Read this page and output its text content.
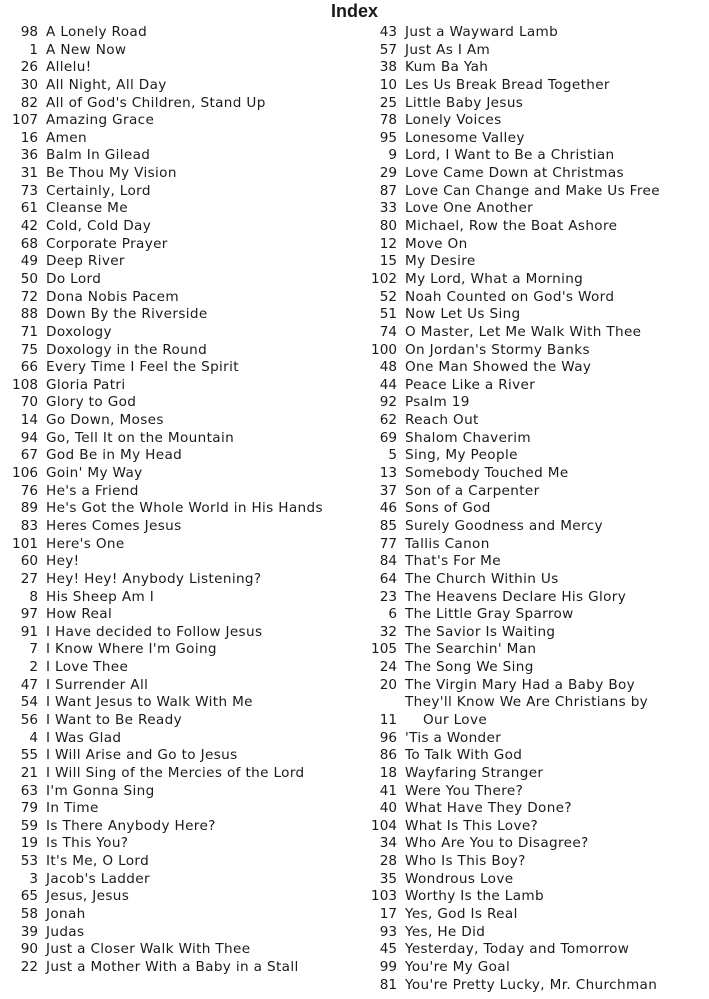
Index
98 A Lonely Road
1 A New Now
26 Allelu!
30 All Night, All Day
82 All of God's Children, Stand Up
107 Amazing Grace
16 Amen
36 Balm In Gilead
31 Be Thou My Vision
73 Certainly, Lord
61 Cleanse Me
42 Cold, Cold Day
68 Corporate Prayer
49 Deep River
50 Do Lord
72 Dona Nobis Pacem
88 Down By the Riverside
71 Doxology
75 Doxology in the Round
66 Every Time I Feel the Spirit
108 Gloria Patri
70 Glory to God
14 Go Down, Moses
94 Go, Tell It on the Mountain
67 God Be in My Head
106 Goin' My Way
76 He's a Friend
89 He's Got the Whole World in His Hands
83 Heres Comes Jesus
101 Here's One
60 Hey!
27 Hey! Hey! Anybody Listening?
8 His Sheep Am I
97 How Real
91 I Have decided to Follow Jesus
7 I Know Where I'm Going
2 I Love Thee
47 I Surrender All
54 I Want Jesus to Walk With Me
56 I Want to Be Ready
4 I Was Glad
55 I Will Arise and Go to Jesus
21 I Will Sing of the Mercies of the Lord
63 I'm Gonna Sing
79 In Time
59 Is There Anybody Here?
19 Is This You?
53 It's Me, O Lord
3 Jacob's Ladder
65 Jesus, Jesus
58 Jonah
39 Judas
90 Just a Closer Walk With Thee
22 Just a Mother With a Baby in a Stall
43 Just a Wayward Lamb
57 Just As I Am
38 Kum Ba Yah
10 Les Us Break Bread Together
25 Little Baby Jesus
78 Lonely Voices
95 Lonesome Valley
9 Lord, I Want to Be a Christian
29 Love Came Down at Christmas
87 Love Can Change and Make Us Free
33 Love One Another
80 Michael, Row the Boat Ashore
12 Move On
15 My Desire
102 My Lord, What a Morning
52 Noah Counted on God's Word
51 Now Let Us Sing
74 O Master, Let Me Walk With Thee
100 On Jordan's Stormy Banks
48 One Man Showed the Way
44 Peace Like a River
92 Psalm 19
62 Reach Out
69 Shalom Chaverim
5 Sing, My People
13 Somebody Touched Me
37 Son of a Carpenter
46 Sons of God
85 Surely Goodness and Mercy
77 Tallis Canon
84 That's For Me
64 The Church Within Us
23 The Heavens Declare His Glory
6 The Little Gray Sparrow
32 The Savior Is Waiting
105 The Searchin' Man
24 The Song We Sing
20 The Virgin Mary Had a Baby Boy
They'll Know We Are Christians by
11	Our Love
96 'Tis a Wonder
86 To Talk With God
18 Wayfaring Stranger
41 Were You There?
40 What Have They Done?
104 What Is This Love?
34 Who Are You to Disagree?
28 Who Is This Boy?
35 Wondrous Love
103 Worthy Is the Lamb
17 Yes, God Is Real
93 Yes, He Did
45 Yesterday, Today and Tomorrow
99 You're My Goal
81 You're Pretty Lucky, Mr. Churchman
